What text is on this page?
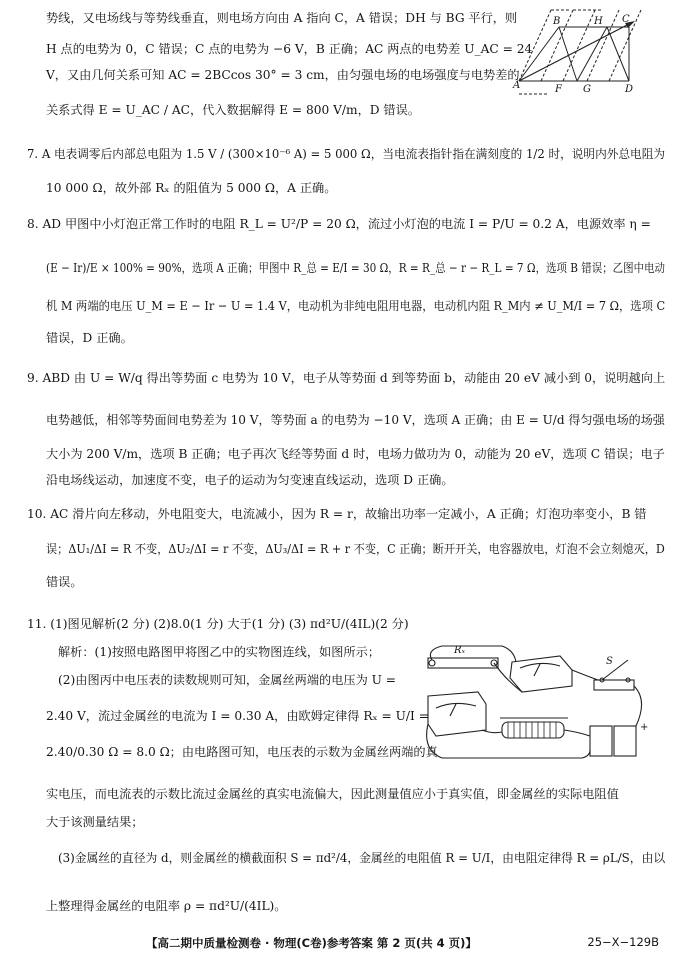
势线，又电场线与等势线垂直，则电场方向由 A 指向 C，A 错误；DH 与 BG 平行，则
H 点的电势为 0，C 错误；C 点的电势为 −6 V，B 正确；AC 两点的电势差 U_AC = 24
V，又由几何关系可知 AC = 2BCcos 30° = 3 cm，由匀强电场的电场强度与电势差的
关系式得 E = U_AC / AC，代入数据解得 E = 800 V/m，D 错误。
7. A 电表调零后内部总电阻为 1.5 V / (300×10⁻⁶ A) = 5 000 Ω，当电流表指针指在满刻度的 1/2 时，说明内外总电阻为
10 000 Ω，故外部 Rₓ 的阻值为 5 000 Ω，A 正确。
8. AD 甲图中小灯泡正常工作时的电阻 R_L = U²/P = 20 Ω，流过小灯泡的电流 I = P/U = 0.2 A，电源效率 η =
(E − Ir)/E × 100% = 90%，选项 A 正确；甲图中 R_总 = E/I = 30 Ω，R = R_总 − r − R_L = 7 Ω，选项 B 错误；乙图中电动
机 M 两端的电压 U_M = E − Ir − U = 1.4 V，电动机为非纯电阻用电器，电动机内阻 R_M内 ≠ U_M/I = 7 Ω，选项 C
错误，D 正确。
9. ABD 由 U = W/q 得出等势面 c 电势为 10 V，电子从等势面 d 到等势面 b，动能由 20 eV 减小到 0，说明越向上
电势越低，相邻等势面间电势差为 10 V，等势面 a 的电势为 −10 V，选项 A 正确；由 E = U/d 得匀强电场的场强
大小为 200 V/m，选项 B 正确；电子再次飞经等势面 d 时，电场力做功为 0，动能为 20 eV，选项 C 错误；电子
沿电场线运动，加速度不变，电子的运动为匀变速直线运动，选项 D 正确。
10. AC 滑片向左移动，外电阻变大，电流减小，因为 R = r，故输出功率一定减小，A 正确；灯泡功率变小，B 错
误；ΔU₁/ΔI = R 不变，ΔU₂/ΔI = r 不变，ΔU₃/ΔI = R + r 不变，C 正确；断开开关，电容器放电，灯泡不会立刻熄灭，D
错误。
11. (1)图见解析(2 分) (2)8.0(1 分) 大于(1 分) (3) πd²U/(4IL)(2 分)
解析：(1)按照电路图甲将图乙中的实物图连线，如图所示；
(2)由图丙中电压表的读数规则可知，金属丝两端的电压为 U =
2.40 V，流过金属丝的电流为 I = 0.30 A，由欧姆定律得 Rₓ = U/I =
2.40/0.30 Ω = 8.0 Ω；由电路图可知，电压表的示数为金属丝两端的真
实电压，而电流表的示数比流过金属丝的真实电流偏大，因此测量值应小于真实值，即金属丝的实际电阻值
大于该测量结果；
(3)金属丝的直径为 d，则金属丝的横截面积 S = πd²/4，金属丝的电阻值 R = U/I，由电阻定律得 R = ρL/S，由以
上整理得金属丝的电阻率 ρ = πd²U/(4IL)。
B	H C
A	F G	D
Rₓ
S
+
【高二期中质量检测卷 · 物理(C卷)参考答案 第 2 页(共 4 页)】	25−X−129B
